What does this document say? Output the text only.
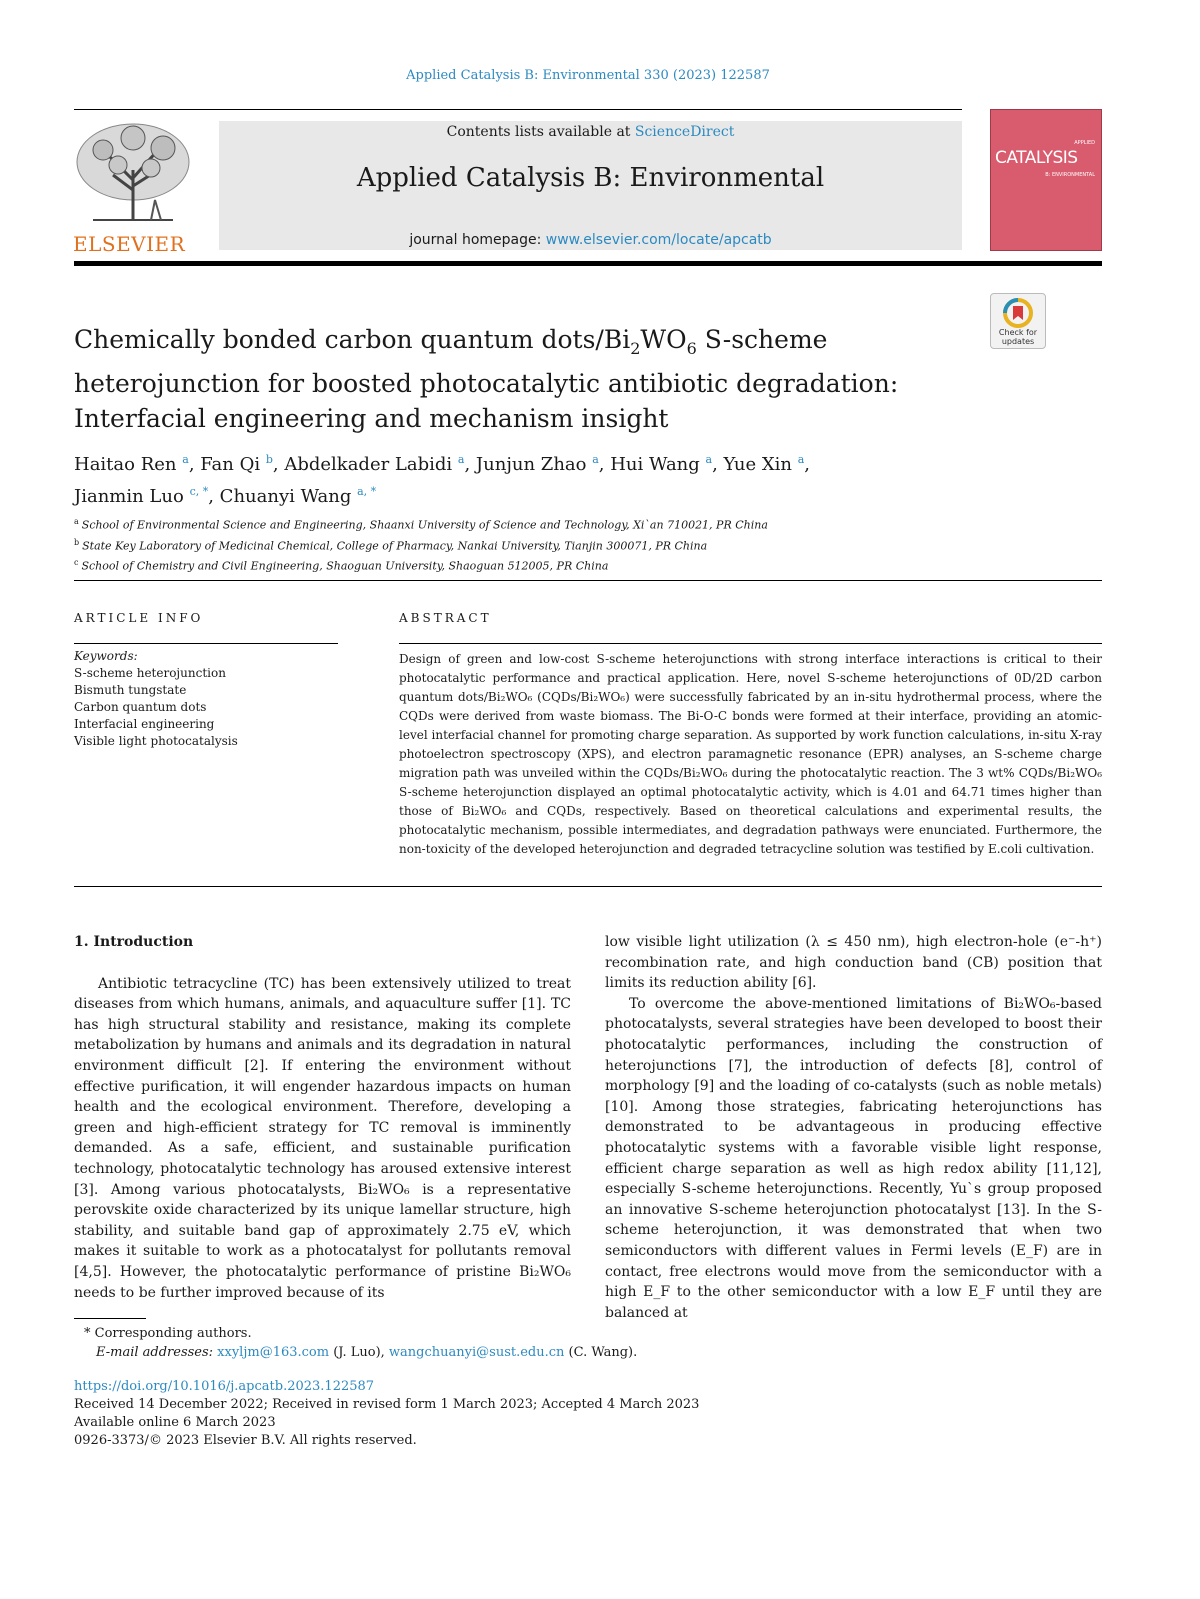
Applied Catalysis B: Environmental 330 (2023) 122587
ELSEVIER
Contents lists available at ScienceDirect
Applied Catalysis B: Environmental
journal homepage: www.elsevier.com/locate/apcatb
APPLIED
CATALYSIS
B: ENVIRONMENTAL
Check for
updates
Chemically bonded carbon quantum dots/$Bi_2WO_6$ S-scheme heterojunction for boosted photocatalytic antibiotic degradation: Interfacial engineering and mechanism insight
Haitao Ren $^a$, Fan Qi $^b$, Abdelkader Labidi $^a$, Junjun Zhao $^a$, Hui Wang $^a$, Yue Xin $^a$,
Jianmin Luo $^{c, *}$, Chuanyi Wang $^{a, *}$
$^a$ School of Environmental Science and Engineering, Shaanxi University of Science and Technology, Xi`an 710021, PR China
$^b$ State Key Laboratory of Medicinal Chemical, College of Pharmacy, Nankai University, Tianjin 300071, PR China
$^c$ School of Chemistry and Civil Engineering, Shaoguan University, Shaoguan 512005, PR China
ARTICLE INFO	ABSTRACT
Keywords:
S-scheme heterojunction
Bismuth tungstate
Carbon quantum dots
Interfacial engineering
Visible light photocatalysis
Design of green and low-cost S-scheme heterojunctions with strong interface interactions is critical to their photocatalytic performance and practical application. Here, novel S-scheme heterojunctions of 0D/2D carbon quantum dots/Bi₂WO₆ (CQDs/Bi₂WO₆) were successfully fabricated by an in-situ hydrothermal process, where the CQDs were derived from waste biomass. The Bi-O-C bonds were formed at their interface, providing an atomic-level interfacial channel for promoting charge separation. As supported by work function calculations, in-situ X-ray photoelectron spectroscopy (XPS), and electron paramagnetic resonance (EPR) analyses, an S-scheme charge migration path was unveiled within the CQDs/Bi₂WO₆ during the photocatalytic reaction. The 3 wt% CQDs/Bi₂WO₆ S-scheme heterojunction displayed an optimal photocatalytic activity, which is 4.01 and 64.71 times higher than those of Bi₂WO₆ and CQDs, respectively. Based on theoretical calculations and experimental results, the photocatalytic mechanism, possible intermediates, and degradation pathways were enunciated. Furthermore, the non-toxicity of the developed heterojunction and degraded tetracycline solution was testified by E.coli cultivation.
1. Introduction

Antibiotic tetracycline (TC) has been extensively utilized to treat diseases from which humans, animals, and aquaculture suffer [1]. TC has high structural stability and resistance, making its complete metabolization by humans and animals and its degradation in natural environment difficult [2]. If entering the environment without effective purification, it will engender hazardous impacts on human health and the ecological environment. Therefore, developing a green and high-efficient strategy for TC removal is imminently demanded. As a safe, efficient, and sustainable purification technology, photocatalytic technology has aroused extensive interest [3]. Among various photocatalysts, Bi₂WO₆ is a representative perovskite oxide characterized by its unique lamellar structure, high stability, and suitable band gap of approximately 2.75 eV, which makes it suitable to work as a photocatalyst for pollutants removal [4,5]. However, the photocatalytic performance of pristine Bi₂WO₆ needs to be further improved because of its

low visible light utilization (λ ≤ 450 nm), high electron-hole (e⁻-h⁺) recombination rate, and high conduction band (CB) position that limits its reduction ability [6].

To overcome the above-mentioned limitations of Bi₂WO₆-based photocatalysts, several strategies have been developed to boost their photocatalytic performances, including the construction of heterojunctions [7], the introduction of defects [8], control of morphology [9] and the loading of co-catalysts (such as noble metals) [10]. Among those strategies, fabricating heterojunctions has demonstrated to be advantageous in producing effective photocatalytic systems with a favorable visible light response, efficient charge separation as well as high redox ability [11,12], especially S-scheme heterojunctions. Recently, Yu`s group proposed an innovative S-scheme heterojunction photocatalyst [13]. In the S-scheme heterojunction, it was demonstrated that when two semiconductors with different values in Fermi levels (E_F) are in contact, free electrons would move from the semiconductor with a high E_F to the other semiconductor with a low E_F until they are balanced at

* Corresponding authors.
E-mail addresses: xxyljm@163.com (J. Luo), wangchuanyi@sust.edu.cn (C. Wang).
https://doi.org/10.1016/j.apcatb.2023.122587
Received 14 December 2022; Received in revised form 1 March 2023; Accepted 4 March 2023
Available online 6 March 2023
0926-3373/© 2023 Elsevier B.V. All rights reserved.
